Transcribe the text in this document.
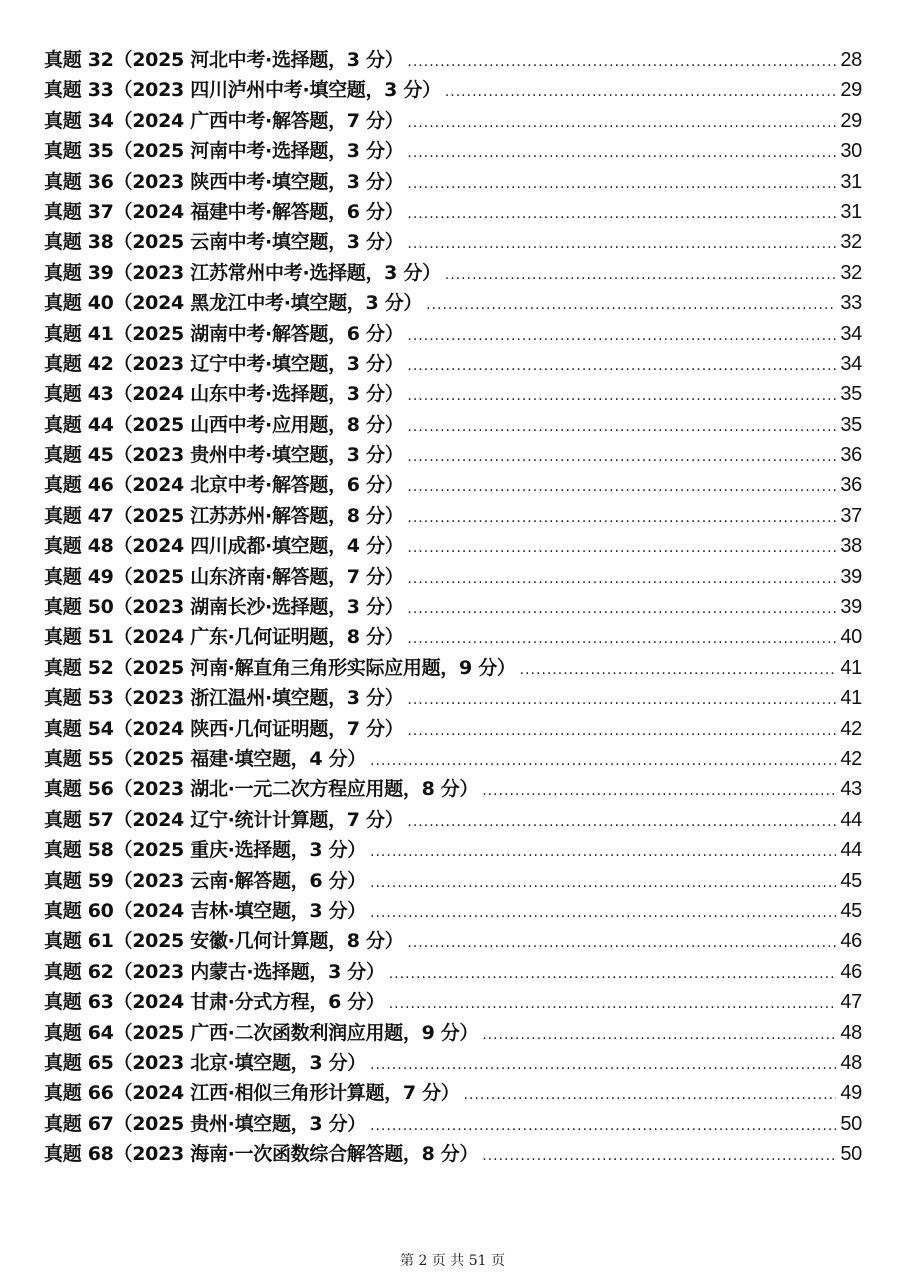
真题 32（2025 河北中考·选择题，3 分） .....	28
真题 33（2023 四川泸州中考·填空题，3 分） .....	29
真题 34（2024 广西中考·解答题，7 分） .....	29
真题 35（2025 河南中考·选择题，3 分） .....	30
真题 36（2023 陕西中考·填空题，3 分） .....	31
真题 37（2024 福建中考·解答题，6 分） .....	31
真题 38（2025 云南中考·填空题，3 分） .....	32
真题 39（2023 江苏常州中考·选择题，3 分） .....	32
真题 40（2024 黑龙江中考·填空题，3 分） .....	33
真题 41（2025 湖南中考·解答题，6 分） .....	34
真题 42（2023 辽宁中考·填空题，3 分） .....	34
真题 43（2024 山东中考·选择题，3 分） .....	35
真题 44（2025 山西中考·应用题，8 分） .....	35
真题 45（2023 贵州中考·填空题，3 分） .....	36
真题 46（2024 北京中考·解答题，6 分） .....	36
真题 47（2025 江苏苏州·解答题，8 分） .....	37
真题 48（2024 四川成都·填空题，4 分） .....	38
真题 49（2025 山东济南·解答题，7 分） .....	39
真题 50（2023 湖南长沙·选择题，3 分） .....	39
真题 51（2024 广东·几何证明题，8 分） .....	40
真题 52（2025 河南·解直角三角形实际应用题，9 分） .....	41
真题 53（2023 浙江温州·填空题，3 分） .....	41
真题 54（2024 陕西·几何证明题，7 分） .....	42
真题 55（2025 福建·填空题，4 分） .....	42
真题 56（2023 湖北·一元二次方程应用题，8 分） .....	43
真题 57（2024 辽宁·统计计算题，7 分） .....	44
真题 58（2025 重庆·选择题，3 分） .....	44
真题 59（2023 云南·解答题，6 分） .....	45
真题 60（2024 吉林·填空题，3 分） .....	45
真题 61（2025 安徽·几何计算题，8 分） .....	46
真题 62（2023 内蒙古·选择题，3 分） .....	46
真题 63（2024 甘肃·分式方程，6 分） .....	47
真题 64（2025 广西·二次函数利润应用题，9 分） .....	48
真题 65（2023 北京·填空题，3 分） .....	48
真题 66（2024 江西·相似三角形计算题，7 分） .....	49
真题 67（2025 贵州·填空题，3 分） .....	50
真题 68（2023 海南·一次函数综合解答题，8 分） .....	50
第 2 页 共 51 页
